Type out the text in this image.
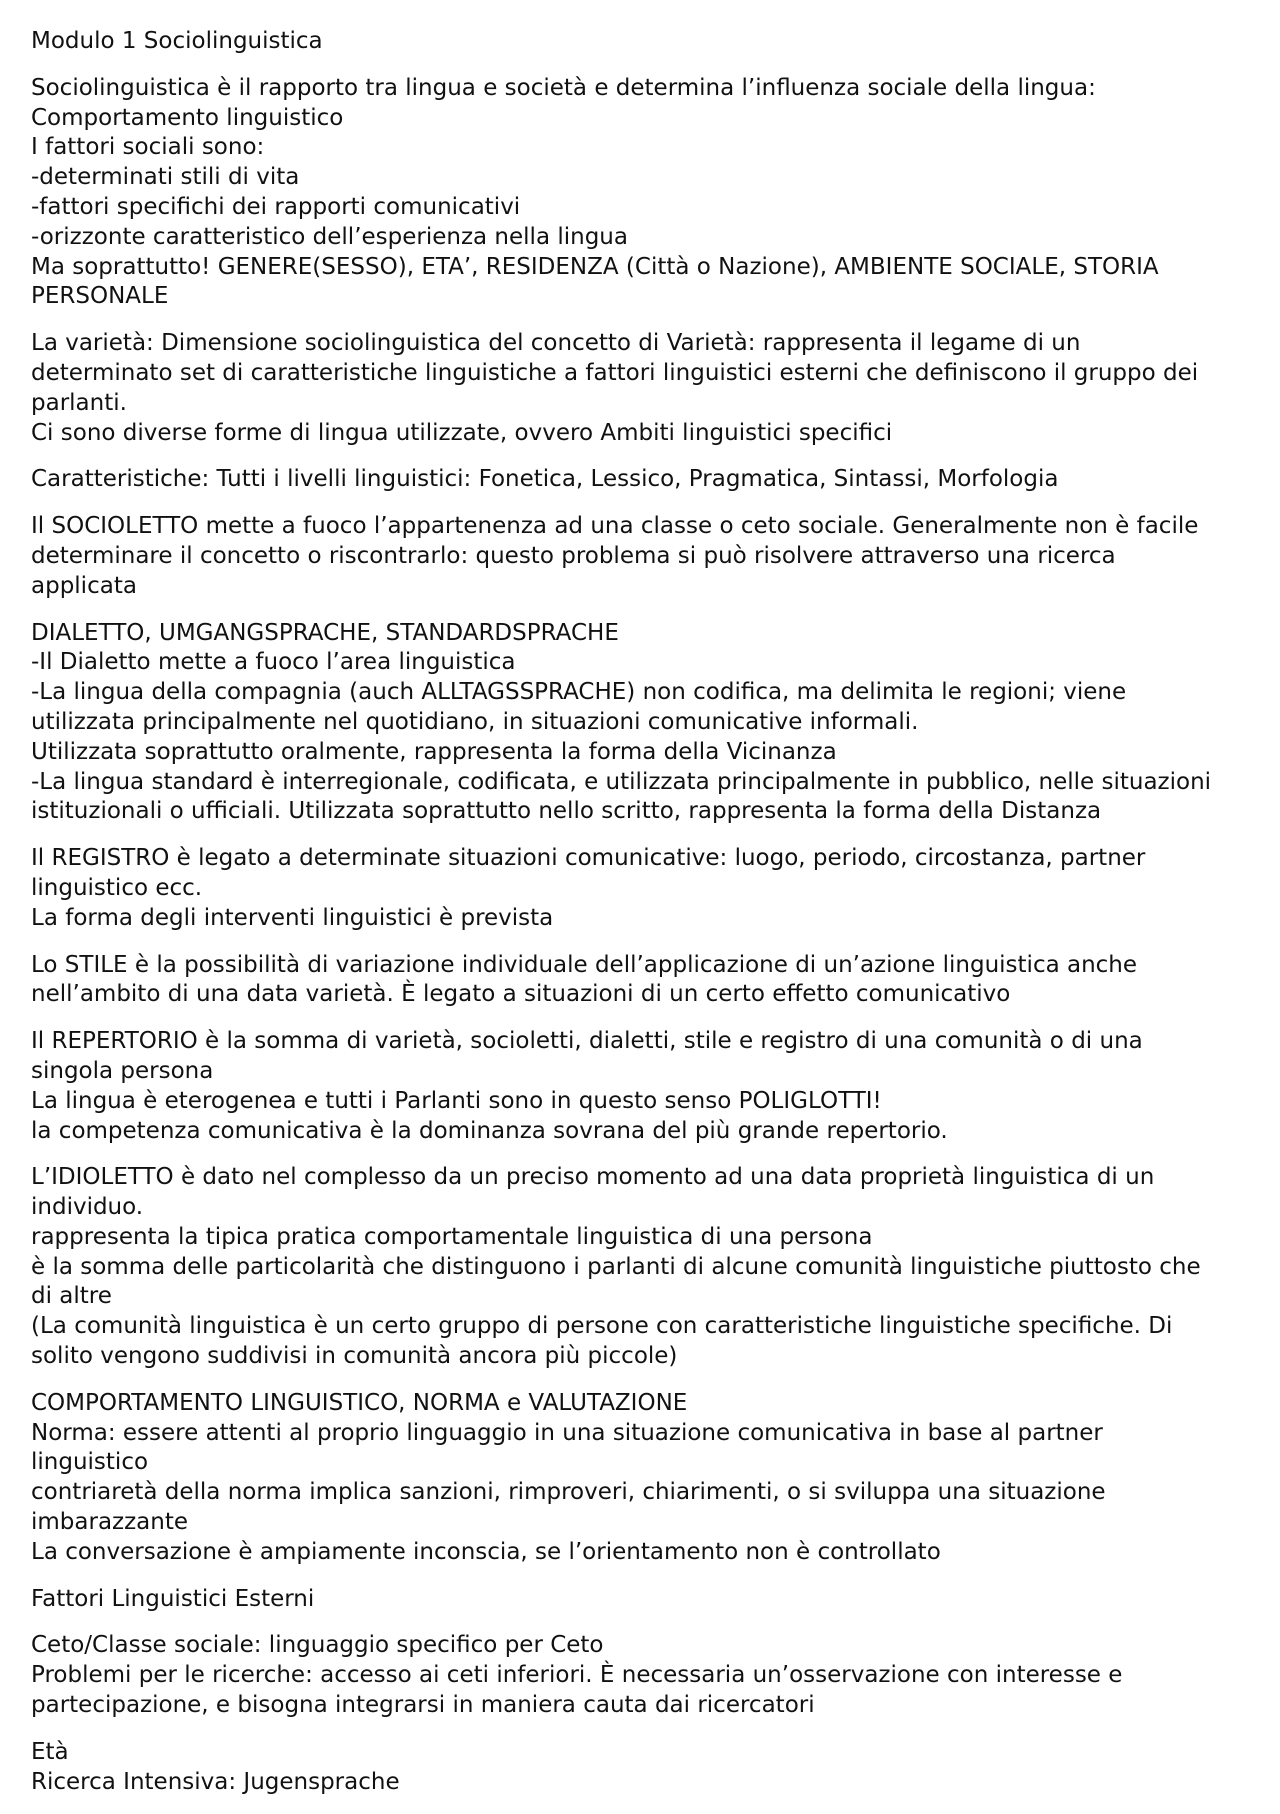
Modulo 1 Sociolinguistica
Sociolinguistica è il rapporto tra lingua e società e determina l’influenza sociale della lingua:
Comportamento linguistico
I fattori sociali sono:
-determinati stili di vita
-fattori specifichi dei rapporti comunicativi
-orizzonte caratteristico dell’esperienza nella lingua
Ma soprattutto! GENERE(SESSO), ETA’, RESIDENZA (Città o Nazione), AMBIENTE SOCIALE, STORIA
PERSONALE
La varietà: Dimensione sociolinguistica del concetto di Varietà: rappresenta il legame di un
determinato set di caratteristiche linguistiche a fattori linguistici esterni che definiscono il gruppo dei
parlanti.
Ci sono diverse forme di lingua utilizzate, ovvero Ambiti linguistici specifici
Caratteristiche: Tutti i livelli linguistici: Fonetica, Lessico, Pragmatica, Sintassi, Morfologia
Il SOCIOLETTO mette a fuoco l’appartenenza ad una classe o ceto sociale. Generalmente non è facile
determinare il concetto o riscontrarlo: questo problema si può risolvere attraverso una ricerca
applicata
DIALETTO, UMGANGSPRACHE, STANDARDSPRACHE
-Il Dialetto mette a fuoco l’area linguistica
-La lingua della compagnia (auch ALLTAGSSPRACHE) non codifica, ma delimita le regioni; viene
utilizzata principalmente nel quotidiano, in situazioni comunicative informali.
Utilizzata soprattutto oralmente, rappresenta la forma della Vicinanza
-La lingua standard è interregionale, codificata, e utilizzata principalmente in pubblico, nelle situazioni
istituzionali o ufficiali. Utilizzata soprattutto nello scritto, rappresenta la forma della Distanza
Il REGISTRO è legato a determinate situazioni comunicative: luogo, periodo, circostanza, partner
linguistico ecc.
La forma degli interventi linguistici è prevista
Lo STILE è la possibilità di variazione individuale dell’applicazione di un’azione linguistica anche
nell’ambito di una data varietà. È legato a situazioni di un certo effetto comunicativo
Il REPERTORIO è la somma di varietà, socioletti, dialetti, stile e registro di una comunità o di una
singola persona
La lingua è eterogenea e tutti i Parlanti sono in questo senso POLIGLOTTI!
la competenza comunicativa è la dominanza sovrana del più grande repertorio.
L’IDIOLETTO è dato nel complesso da un preciso momento ad una data proprietà linguistica di un
individuo.
rappresenta la tipica pratica comportamentale linguistica di una persona
è la somma delle particolarità che distinguono i parlanti di alcune comunità linguistiche piuttosto che
di altre
(La comunità linguistica è un certo gruppo di persone con caratteristiche linguistiche specifiche. Di
solito vengono suddivisi in comunità ancora più piccole)
COMPORTAMENTO LINGUISTICO, NORMA e VALUTAZIONE
Norma: essere attenti al proprio linguaggio in una situazione comunicativa in base al partner
linguistico
contriaretà della norma implica sanzioni, rimproveri, chiarimenti, o si sviluppa una situazione
imbarazzante
La conversazione è ampiamente inconscia, se l’orientamento non è controllato
Fattori Linguistici Esterni
Ceto/Classe sociale: linguaggio specifico per Ceto
Problemi per le ricerche: accesso ai ceti inferiori. È necessaria un’osservazione con interesse e
partecipazione, e bisogna integrarsi in maniera cauta dai ricercatori
Età
Ricerca Intensiva: Jugensprache
